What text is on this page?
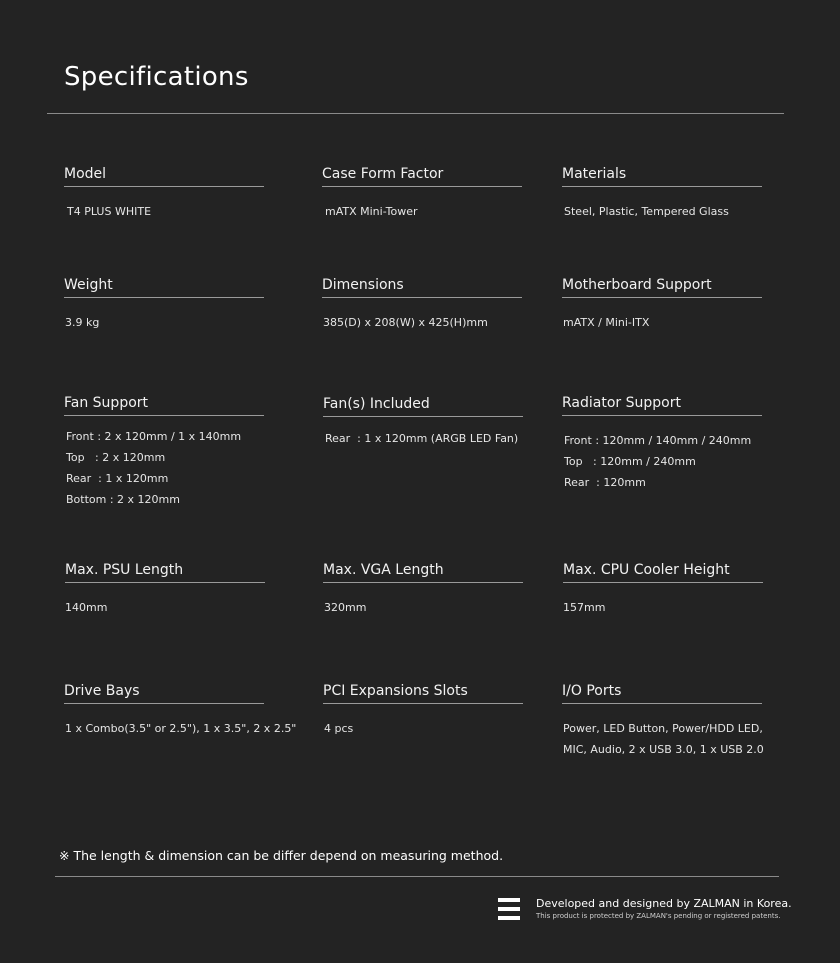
Specifications
Model
T4 PLUS WHITE
Case Form Factor
mATX Mini-Tower
Materials
Steel, Plastic, Tempered Glass
Weight
3.9 kg
Dimensions
385(D) x 208(W) x 425(H)mm
Motherboard Support
mATX / Mini-ITX
Fan Support
Front : 2 x 120mm / 1 x 140mm
Top   : 2 x 120mm
Rear  : 1 x 120mm
Bottom : 2 x 120mm
Fan(s) Included
Rear  : 1 x 120mm (ARGB LED Fan)
Radiator Support
Front : 120mm / 140mm / 240mm
Top   : 120mm / 240mm
Rear  : 120mm
Max. PSU Length
140mm
Max. VGA Length
320mm
Max. CPU Cooler Height
157mm
Drive Bays
1 x Combo(3.5" or 2.5"), 1 x 3.5", 2 x 2.5"
PCI Expansions Slots
4 pcs
I/O Ports
Power, LED Button, Power/HDD LED,
MIC, Audio, 2 x USB 3.0, 1 x USB 2.0
※ The length & dimension can be differ depend on measuring method.
Developed and designed by ZALMAN in Korea.
This product is protected by ZALMAN's pending or registered patents.
